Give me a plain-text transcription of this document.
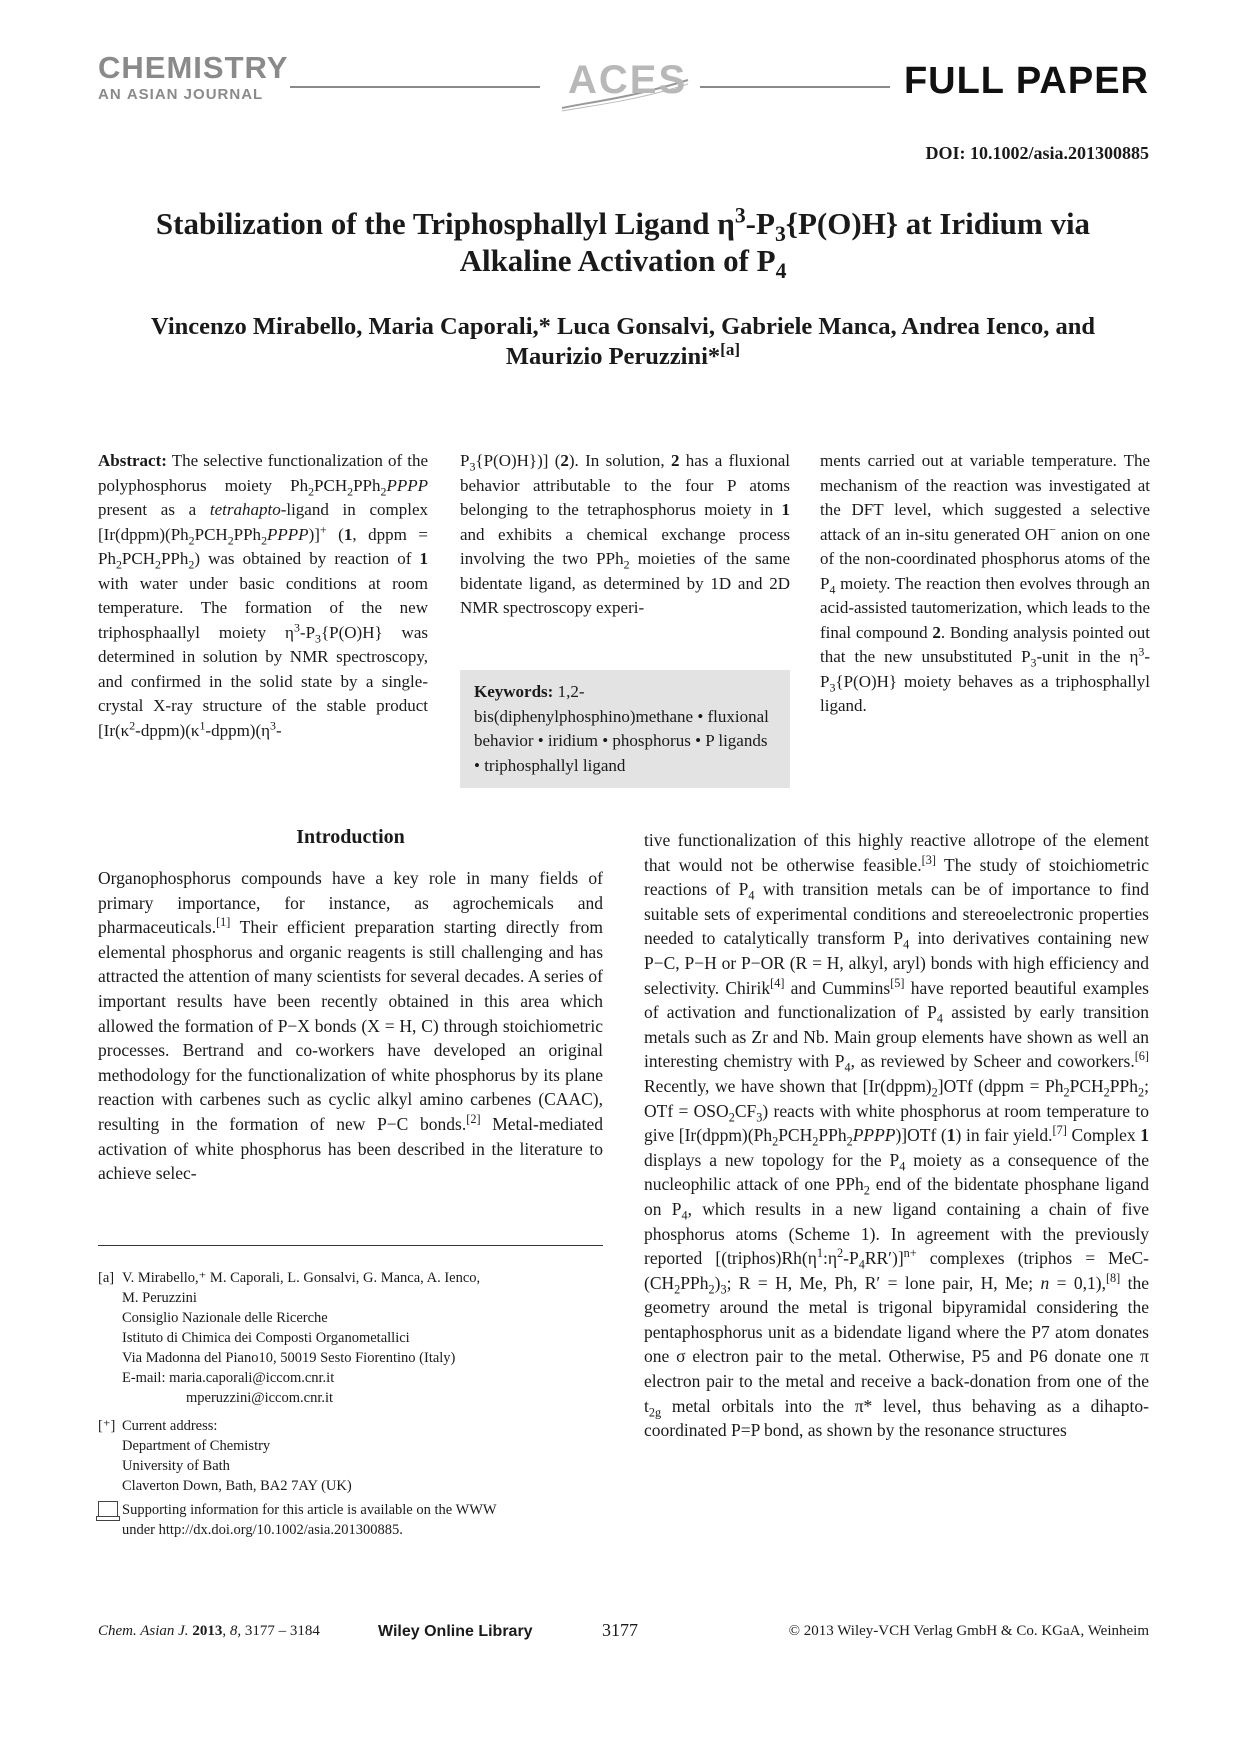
CHEMISTRY
AN ASIAN JOURNAL	ACES	FULL PAPER
DOI: 10.1002/asia.201300885
Stabilization of the Triphosphallyl Ligand $\eta^3-P_3\{P(O)H\}$ at Iridium via
Alkaline Activation of $P_4$
Vincenzo Mirabello, Maria Caporali,* Luca Gonsalvi, Gabriele Manca, Andrea Ienco, and
Maurizio Peruzzini*[a]
Abstract: The selective functionalization of the polyphosphorus moiety $Ph_2PCH_2PPh_2PPPP$ present as a tetrahapto-ligand in complex $[Ir(dppm)(Ph_2PCH_2PPh_2PPPP)]^+$ (1, dppm = $Ph_2PCH_2PPh_2$) was obtained by reaction of 1 with water under basic conditions at room temperature. The formation of the new triphosphaallyl moiety $\eta^3-P_3\{P(O)H\}$ was determined in solution by NMR spectroscopy, and confirmed in the solid state by a single-crystal X-ray structure of the stable product [$Ir(\kappa^2-dppm)(\kappa^1-dppm)(\eta^3-$
$P_3\{P(O)H\}$)] (2). In solution, 2 has a fluxional behavior attributable to the four P atoms belonging to the tetraphosphorus moiety in 1 and exhibits a chemical exchange process involving the two PPh$_2$ moieties of the same bidentate ligand, as determined by 1D and 2D NMR spectroscopy experi-
Keywords: 1,2-bis(diphenylphosphino)methane • fluxional behavior • iridium • phosphorus • P ligands • triphosphallyl ligand
ments carried out at variable temperature. The mechanism of the reaction was investigated at the DFT level, which suggested a selective attack of an in-situ generated OH− anion on one of the non-coordinated phosphorus atoms of the $P_4$ moiety. The reaction then evolves through an acid-assisted tautomerization, which leads to the final compound 2. Bonding analysis pointed out that the new unsubstituted $P_3$-unit in the $\eta^3-P_3\{P(O)H\}$ moiety behaves as a triphosphallyl ligand.
Introduction
Organophosphorus compounds have a key role in many fields of primary importance, for instance, as agrochemicals and pharmaceuticals.[1] Their efficient preparation starting directly from elemental phosphorus and organic reagents is still challenging and has attracted the attention of many scientists for several decades. A series of important results have been recently obtained in this area which allowed the formation of P−X bonds (X = H, C) through stoichiometric processes. Bertrand and co-workers have developed an original methodology for the functionalization of white phosphorus by its plane reaction with carbenes such as cyclic alkyl amino carbenes (CAAC), resulting in the formation of new P−C bonds.[2] Metal-mediated activation of white phosphorus has been described in the literature to achieve selec-
tive functionalization of this highly reactive allotrope of the element that would not be otherwise feasible.[3] The study of stoichiometric reactions of $P_4$ with transition metals can be of importance to find suitable sets of experimental conditions and stereoelectronic properties needed to catalytically transform $P_4$ into derivatives containing new P−C, P−H or P−OR (R = H, alkyl, aryl) bonds with high efficiency and selectivity. Chirik[4] and Cummins[5] have reported beautiful examples of activation and functionalization of $P_4$ assisted by early transition metals such as Zr and Nb. Main group elements have shown as well an interesting chemistry with $P_4$, as reviewed by Scheer and coworkers.[6] Recently, we have shown that $[Ir(dppm)_2]OTf$ (dppm = $Ph_2PCH_2PPh_2$; OTf = $OSO_2CF_3$) reacts with white phosphorus at room temperature to give $[Ir(dppm)(Ph_2PCH_2PPh_2PPPP)]OTf$ (1) in fair yield.[7] Complex 1 displays a new topology for the $P_4$ moiety as a consequence of the nucleophilic attack of one PPh$_2$ end of the bidentate phosphane ligand on $P_4$, which results in a new ligand containing a chain of five phosphorus atoms (Scheme 1). In agreement with the previously reported $[(triphos)Rh(\eta^1:\eta^2-P_4RR')]^{n+}$ complexes (triphos = MeC-$(CH_2PPh_2)_3$; R = H, Me, Ph, R′ = lone pair, H, Me; n = 0,1),[8] the geometry around the metal is trigonal bipyramidal considering the pentaphosphorus unit as a bidendate ligand where the P7 atom donates one σ electron pair to the metal. Otherwise, P5 and P6 donate one π electron pair to the metal and receive a back-donation from one of the $t_{2g}$ metal orbitals into the π* level, thus behaving as a dihapto-coordinated P=P bond, as shown by the resonance structures
[a] V. Mirabello,⁺ M. Caporali, L. Gonsalvi, G. Manca, A. Ienco,
M. Peruzzini
Consiglio Nazionale delle Ricerche
Istituto di Chimica dei Composti Organometallici
Via Madonna del Piano10, 50019 Sesto Fiorentino (Italy)
E-mail: maria.caporali@iccom.cnr.it
mperuzzini@iccom.cnr.it
[⁺] Current address:
Department of Chemistry
University of Bath
Claverton Down, Bath, BA2 7AY (UK)
Supporting information for this article is available on the WWW
under http://dx.doi.org/10.1002/asia.201300885.
Chem. Asian J. 2013, 8, 3177 – 3184	Wiley Online Library	3177	© 2013 Wiley-VCH Verlag GmbH & Co. KGaA, Weinheim
